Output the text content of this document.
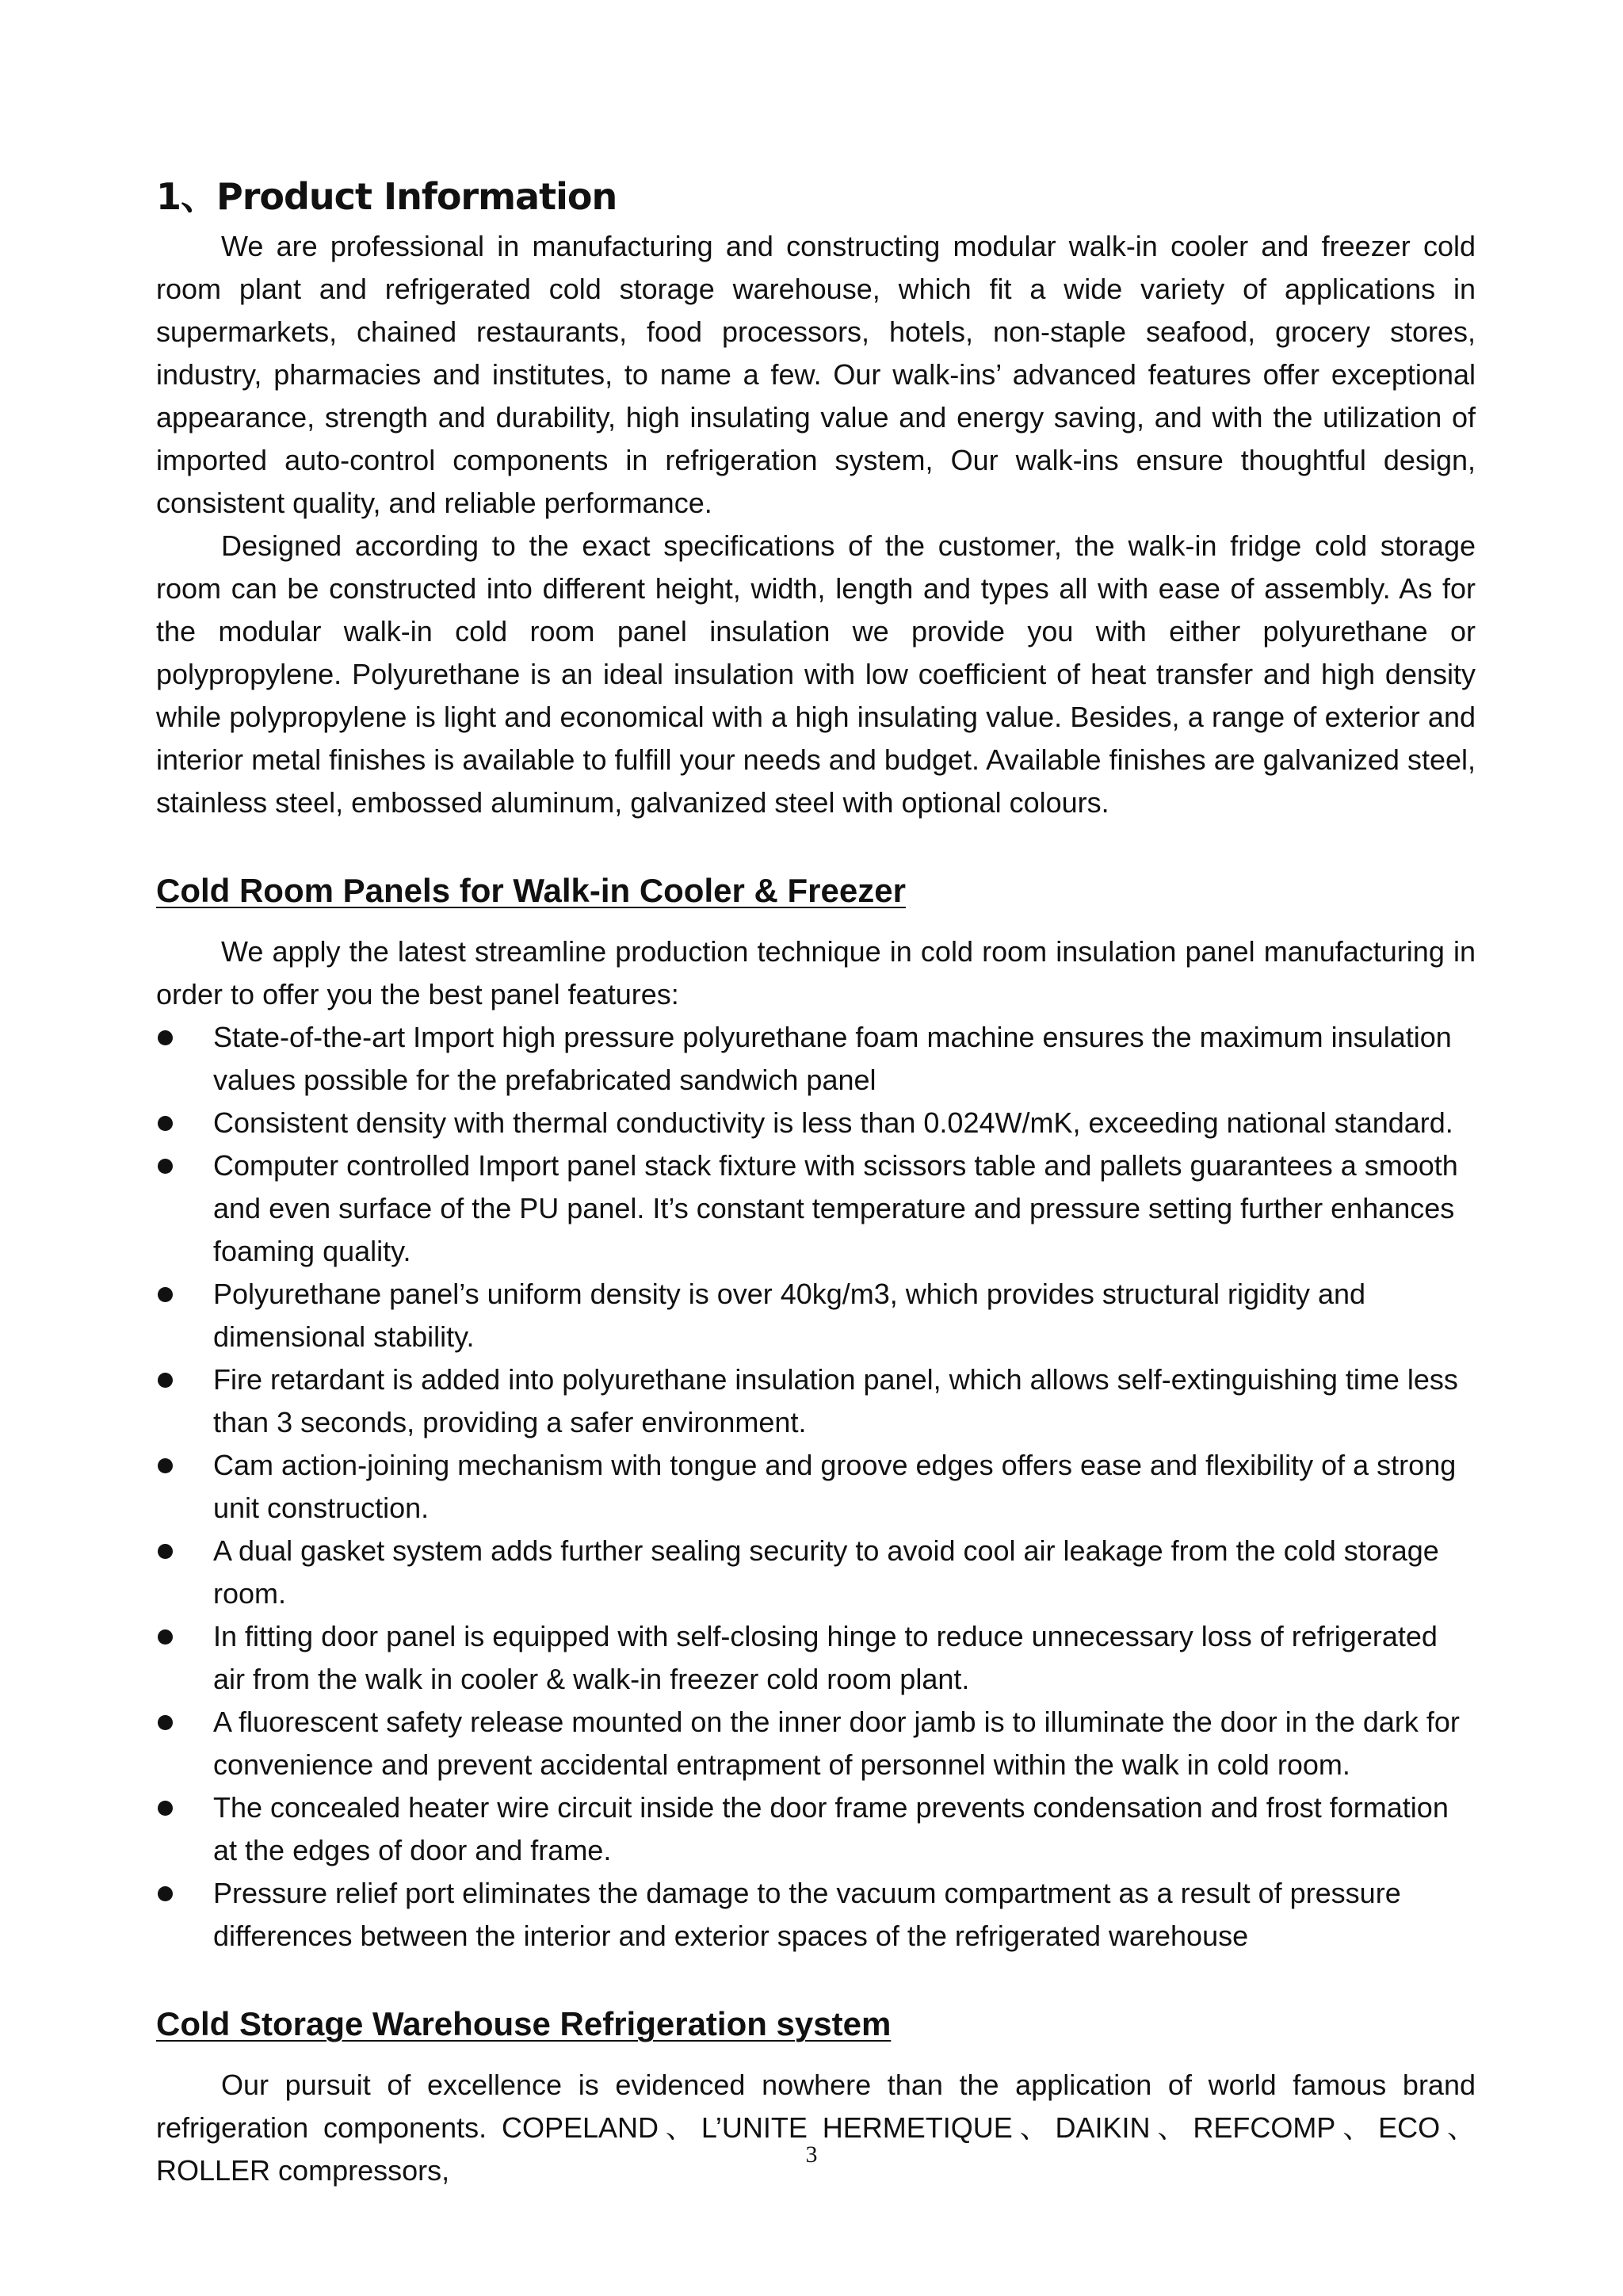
1、Product Information

We are professional in manufacturing and constructing modular walk-in cooler and freezer cold room plant and refrigerated cold storage warehouse, which fit a wide variety of applications in supermarkets, chained restaurants, food processors, hotels, non-staple seafood, grocery stores, industry, pharmacies and institutes, to name a few. Our walk-ins’ advanced features offer exceptional appearance, strength and durability, high insulating value and energy saving, and with the utilization of imported auto-control components in refrigeration system, Our walk-ins ensure thoughtful design, consistent quality, and reliable performance.

Designed according to the exact specifications of the customer, the walk-in fridge cold storage room can be constructed into different height, width, length and types all with ease of assembly. As for the modular walk-in cold room panel insulation we provide you with either polyurethane or polypropylene. Polyurethane is an ideal insulation with low coefficient of heat transfer and high density while polypropylene is light and economical with a high insulating value. Besides, a range of exterior and interior metal finishes is available to fulfill your needs and budget. Available finishes are galvanized steel, stainless steel, embossed aluminum, galvanized steel with optional colours.

Cold Room Panels for Walk-in Cooler & Freezer

We apply the latest streamline production technique in cold room insulation panel manufacturing in order to offer you the best panel features:

State-of-the-art Import high pressure polyurethane foam machine ensures the maximum insulation values possible for the prefabricated sandwich panel
Consistent density with thermal conductivity is less than 0.024W/mK, exceeding national standard.
Computer controlled Import panel stack fixture with scissors table and pallets guarantees a smooth and even surface of the PU panel. It’s constant temperature and pressure setting further enhances foaming quality.
Polyurethane panel’s uniform density is over 40kg/m3, which provides structural rigidity and dimensional stability.
Fire retardant is added into polyurethane insulation panel, which allows self-extinguishing time less than 3 seconds, providing a safer environment.
Cam action-joining mechanism with tongue and groove edges offers ease and flexibility of a strong unit construction.
A dual gasket system adds further sealing security to avoid cool air leakage from the cold storage room.
In fitting door panel is equipped with self-closing hinge to reduce unnecessary loss of refrigerated air from the walk in cooler & walk-in freezer cold room plant.
A fluorescent safety release mounted on the inner door jamb is to illuminate the door in the dark for convenience and prevent accidental entrapment of personnel within the walk in cold room.
The concealed heater wire circuit inside the door frame prevents condensation and frost formation at the edges of door and frame.
Pressure relief port eliminates the damage to the vacuum compartment as a result of pressure differences between the interior and exterior spaces of the refrigerated warehouse
Cold Storage Warehouse Refrigeration system

Our pursuit of excellence is evidenced nowhere than the application of world famous brand refrigeration components. COPELAND、L’UNITE HERMETIQUE、DAIKIN、REFCOMP、ECO、ROLLER compressors,	3
